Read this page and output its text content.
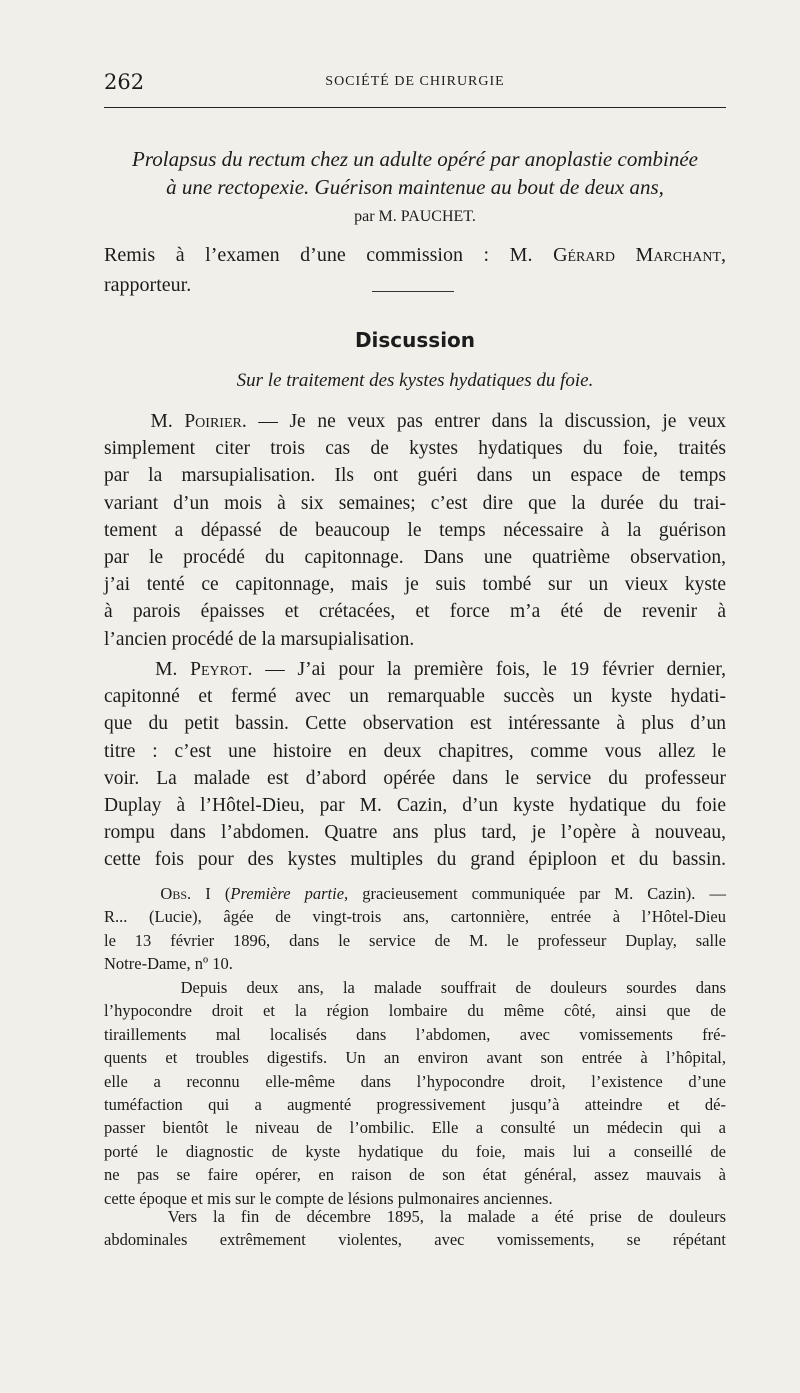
262	SOCIÉTÉ DE CHIRURGIE
Prolapsus du rectum chez un adulte opéré par anoplastie combinée
à une rectopexie. Guérison maintenue au bout de deux ans,
par M. PAUCHET.
Remis à l’examen d’une commission : M. Gérard Marchant,
rapporteur.
Discussion
Sur le traitement des kystes hydatiques du foie.
M. Poirier. — Je ne veux pas entrer dans la discussion, je veux
simplement citer trois cas de kystes hydatiques du foie, traités
par la marsupialisation. Ils ont guéri dans un espace de temps
variant d’un mois à six semaines; c’est dire que la durée du trai-
tement a dépassé de beaucoup le temps nécessaire à la guérison
par le procédé du capitonnage. Dans une quatrième observation,
j’ai tenté ce capitonnage, mais je suis tombé sur un vieux kyste
à parois épaisses et crétacées, et force m’a été de revenir à
l’ancien procédé de la marsupialisation.
M. Peyrot. — J’ai pour la première fois, le 19 février dernier,
capitonné et fermé avec un remarquable succès un kyste hydati-
que du petit bassin. Cette observation est intéressante à plus d’un
titre : c’est une histoire en deux chapitres, comme vous allez le
voir. La malade est d’abord opérée dans le service du professeur
Duplay à l’Hôtel-Dieu, par M. Cazin, d’un kyste hydatique du foie
rompu dans l’abdomen. Quatre ans plus tard, je l’opère à nouveau,
cette fois pour des kystes multiples du grand épiploon et du bassin.
Obs. I (Première partie, gracieusement communiquée par M. Cazin). —
R... (Lucie), âgée de vingt-trois ans, cartonnière, entrée à l’Hôtel-Dieu
le 13 février 1896, dans le service de M. le professeur Duplay, salle
Notre-Dame, nº 10.
Depuis deux ans, la malade souffrait de douleurs sourdes dans
l’hypocondre droit et la région lombaire du même côté, ainsi que de
tiraillements mal localisés dans l’abdomen, avec vomissements fré-
quents et troubles digestifs. Un an environ avant son entrée à l’hôpital,
elle a reconnu elle-même dans l’hypocondre droit, l’existence d’une
tuméfaction qui a augmenté progressivement jusqu’à atteindre et dé-
passer bientôt le niveau de l’ombilic. Elle a consulté un médecin qui a
porté le diagnostic de kyste hydatique du foie, mais lui a conseillé de
ne pas se faire opérer, en raison de son état général, assez mauvais à
cette époque et mis sur le compte de lésions pulmonaires anciennes.
Vers la fin de décembre 1895, la malade a été prise de douleurs
abdominales extrêmement violentes, avec vomissements, se répétant
